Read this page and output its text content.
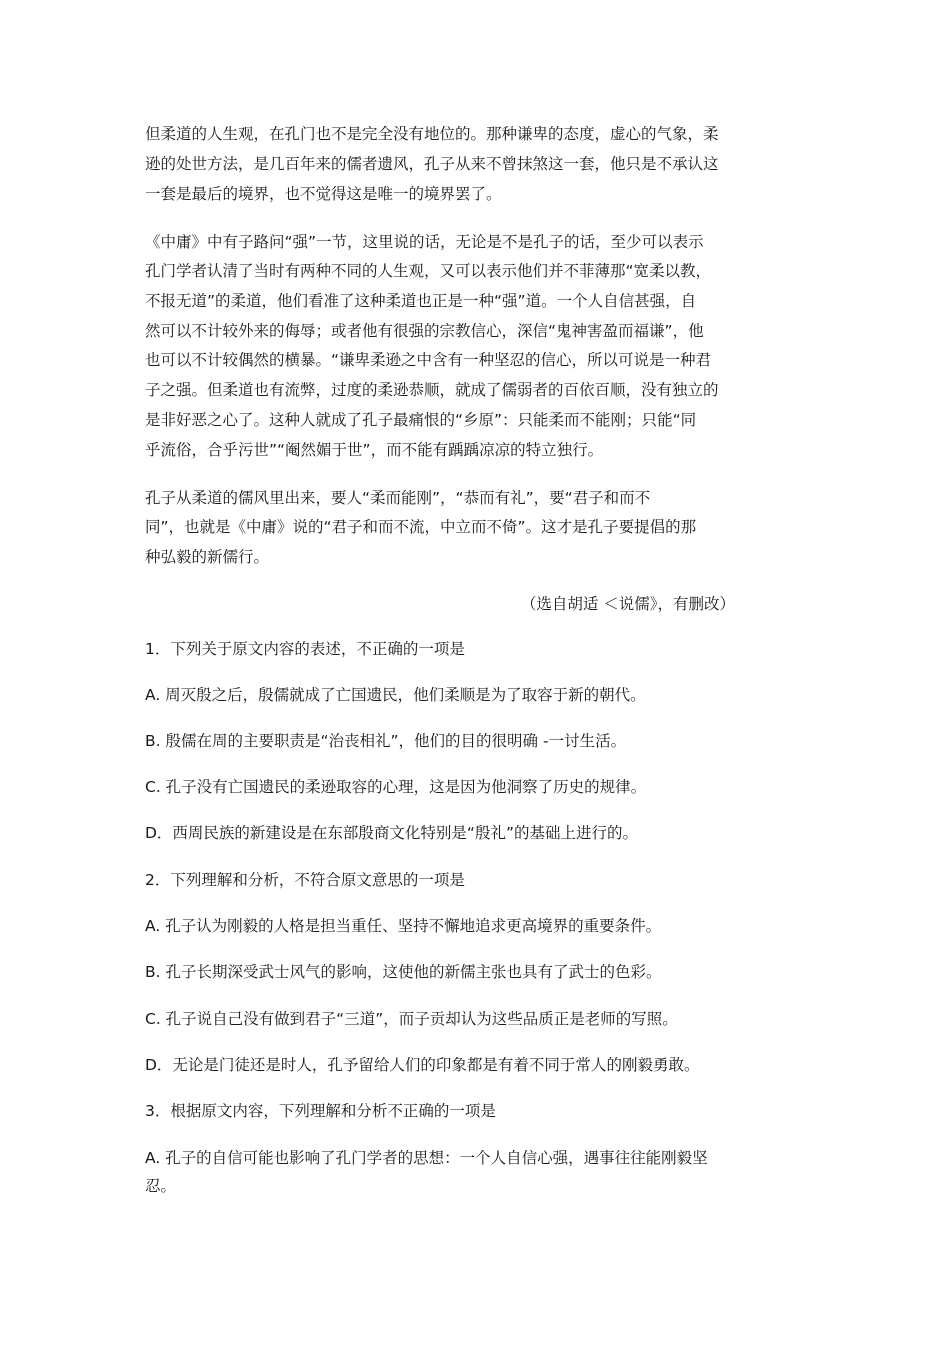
但柔道的人生观，在孔门也不是完全没有地位的。那种谦卑的态度，虚心的气象，柔
逊的处世方法，是几百年来的儒者遗风，孔子从来不曾抹煞这一套，他只是不承认这
一套是最后的境界，也不觉得这是唯一的境界罢了。
《中庸》中有子路问“强”一节，这里说的话，无论是不是孔子的话，至少可以表示
孔门学者认清了当时有两种不同的人生观，又可以表示他们并不菲薄那“宽柔以教，
不报无道”的柔道，他们看准了这种柔道也正是一种“强”道。一个人自信甚强，自
然可以不计较外来的侮辱；或者他有很强的宗教信心，深信“鬼神害盈而福谦”，他
也可以不计较偶然的横暴。“谦卑柔逊之中含有一种坚忍的信心，所以可说是一种君
子之强。但柔道也有流弊，过度的柔逊恭顺，就成了儒弱者的百依百顺，没有独立的
是非好恶之心了。这种人就成了孔子最痛恨的“乡原”：只能柔而不能刚；只能“同
乎流俗，合乎污世”“阉然媚于世”，而不能有踽踽凉凉的特立独行。
孔子从柔道的儒风里出来，要人“柔而能刚”，“恭而有礼”，要“君子和而不
同”，也就是《中庸》说的“君子和而不流，中立而不倚”。这才是孔子要提倡的那
种弘毅的新儒行。
（选自胡适 ＜说儒》，有删改）
1．下列关于原文内容的表述，不正确的一项是
A. 周灭殷之后，殷儒就成了亡国遗民，他们柔顺是为了取容于新的朝代。
B. 殷儒在周的主要职责是“治丧相礼”，他们的目的很明确 -一讨生活。
C. 孔子没有亡国遗民的柔逊取容的心理，这是因为他洞察了历史的规律。
D．西周民族的新建设是在东部殷商文化特别是“殷礼”的基础上进行的。
2．下列理解和分析，不符合原文意思的一项是
A. 孔子认为刚毅的人格是担当重任、坚持不懈地追求更高境界的重要条件。
B. 孔子长期深受武士风气的影响，这使他的新儒主张也具有了武士的色彩。
C. 孔子说自己没有做到君子“三道”，而子贡却认为这些品质正是老师的写照。
D．无论是门徒还是时人，孔予留给人们的印象都是有着不同于常人的刚毅勇敢。
3．根据原文内容，下列理解和分析不正确的一项是
A. 孔子的自信可能也影响了孔门学者的思想：一个人自信心强，遇事往往能刚毅坚
忍。
